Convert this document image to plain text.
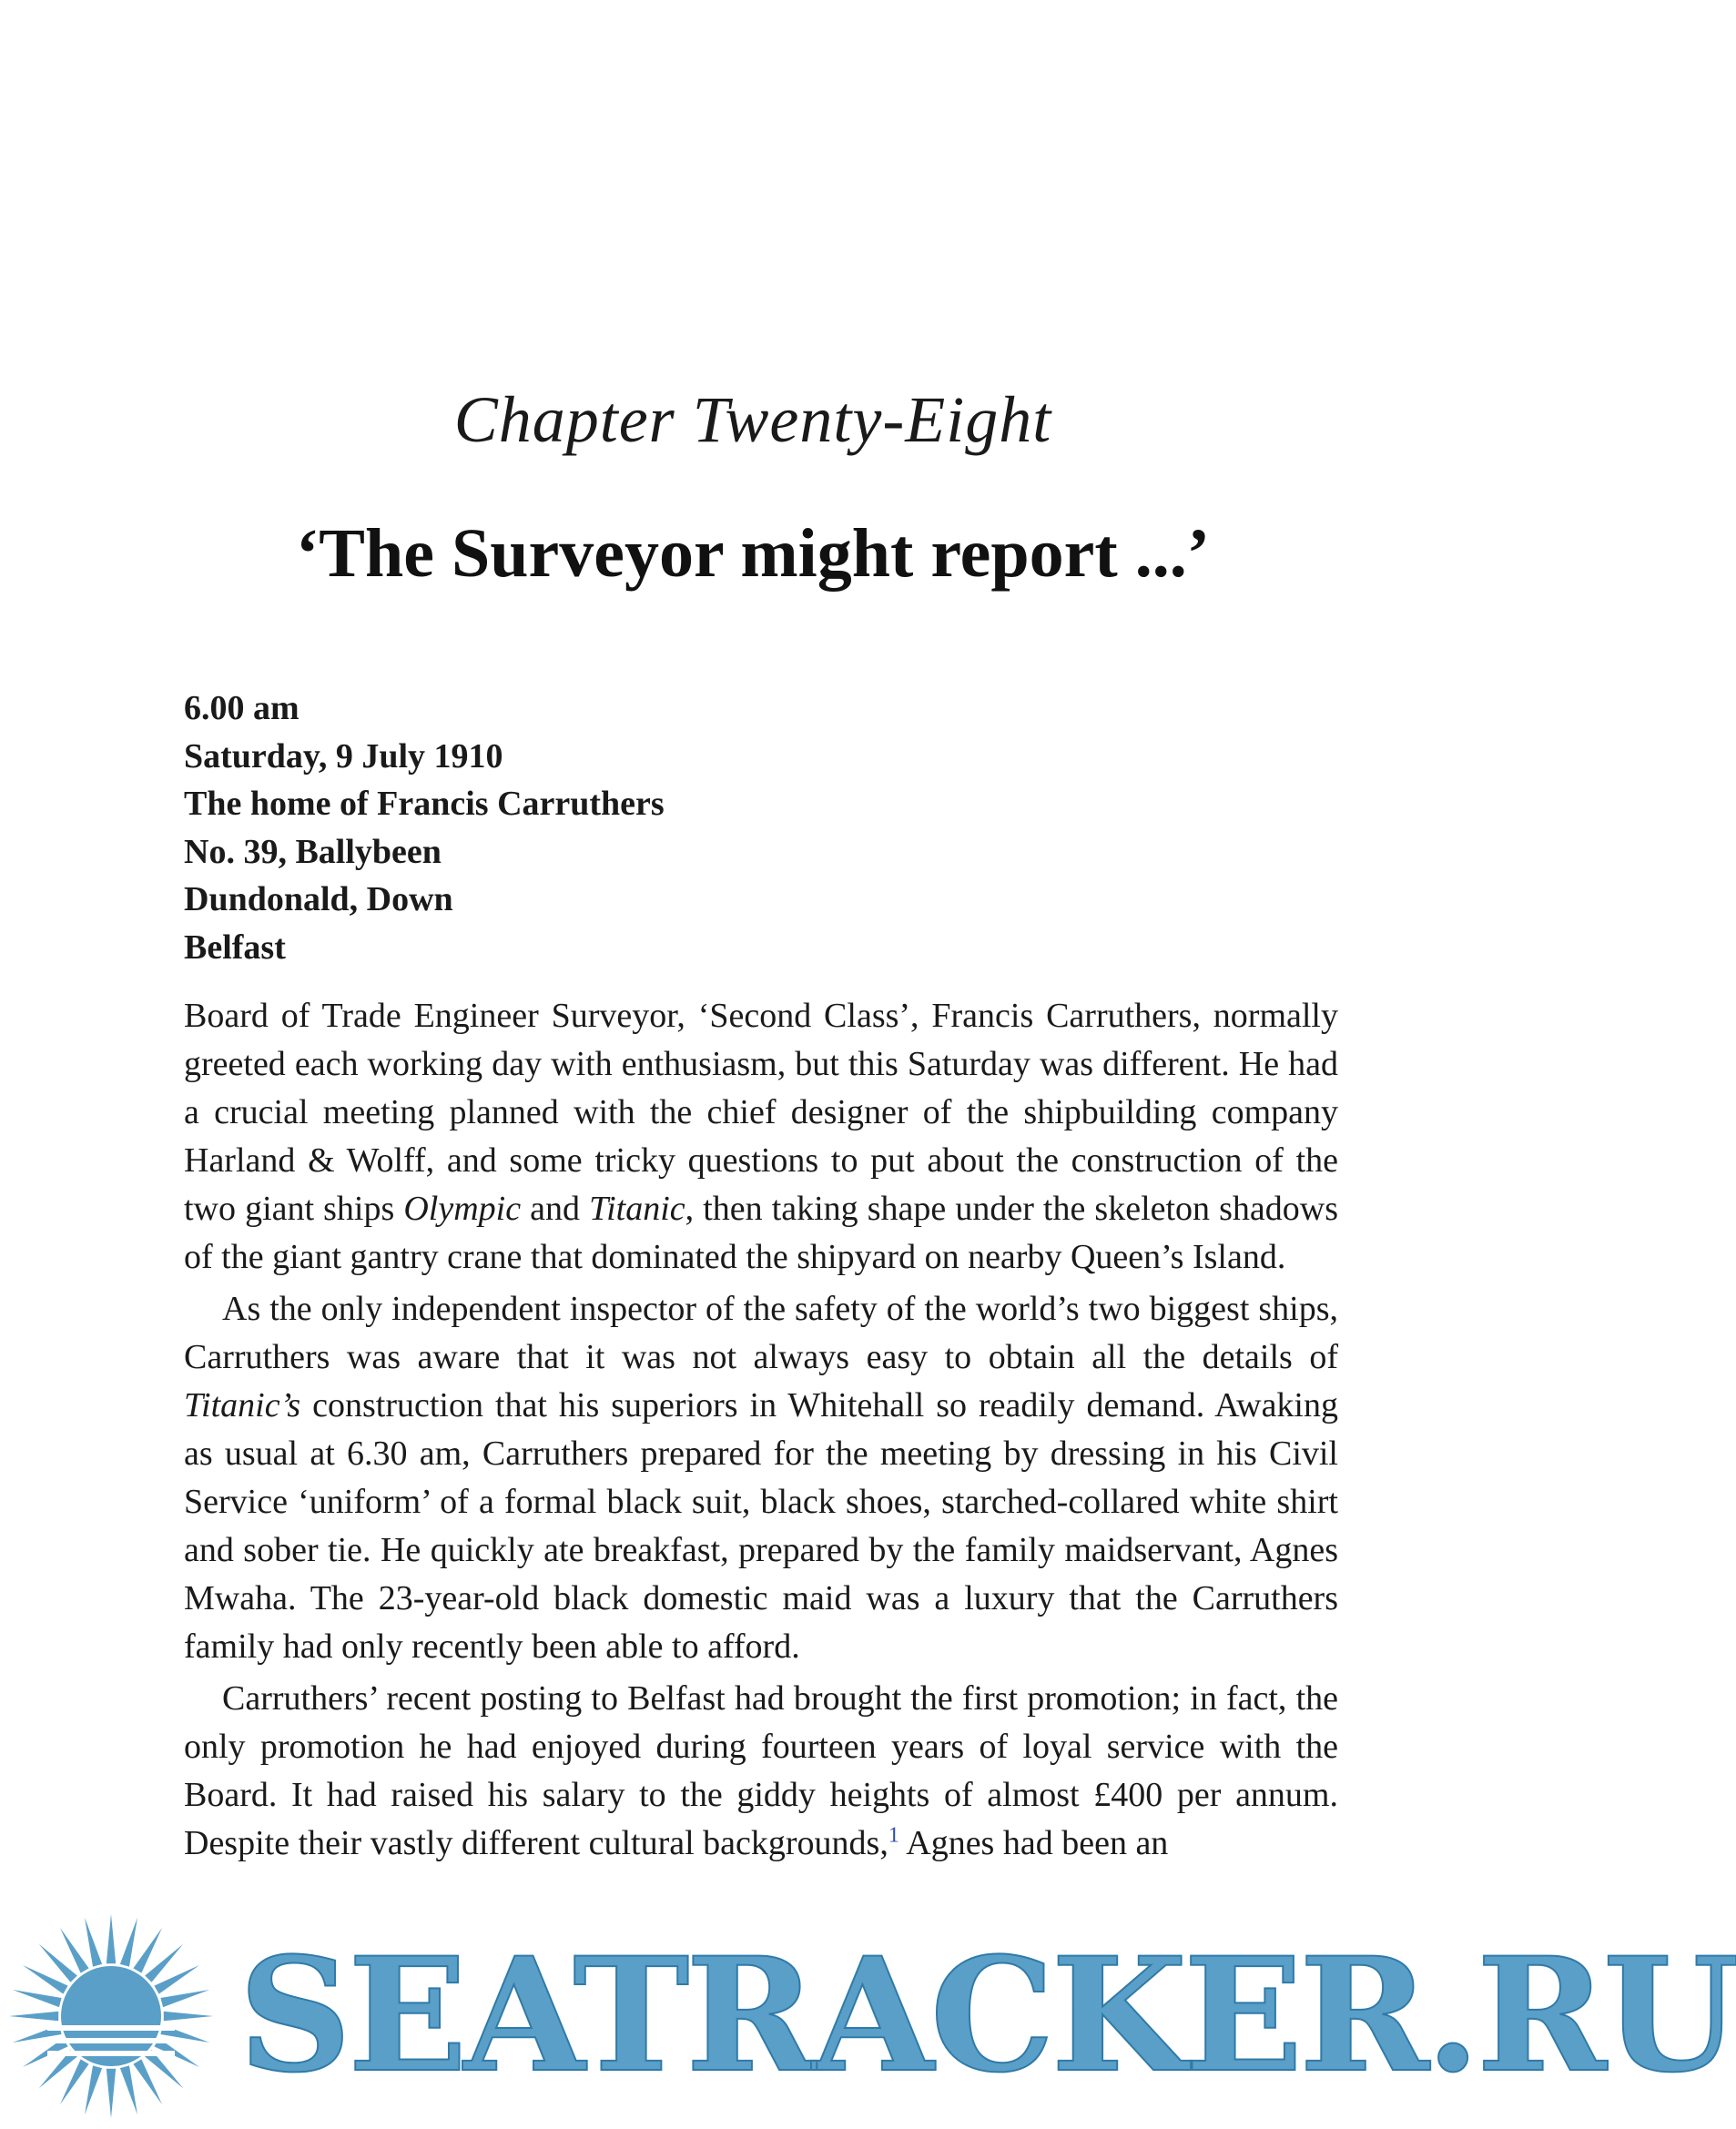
Chapter Twenty-Eight
‘The Surveyor might report ...’
6.00 am
Saturday, 9 July 1910
The home of Francis Carruthers
No. 39, Ballybeen
Dundonald, Down
Belfast

Board of Trade Engineer Surveyor, ‘Second Class’, Francis Carruthers, normally greeted each working day with enthusiasm, but this Saturday was different. He had a crucial meeting planned with the chief designer of the shipbuilding company Harland & Wolff, and some tricky questions to put about the construction of the two giant ships Olympic and Titanic, then taking shape under the skeleton shadows of the giant gantry crane that dominated the shipyard on nearby Queen’s Island.

As the only independent inspector of the safety of the world’s two biggest ships, Carruthers was aware that it was not always easy to obtain all the details of Titanic’s construction that his superiors in Whitehall so readily demand. Awaking as usual at 6.30 am, Carruthers prepared for the meeting by dressing in his Civil Service ‘uniform’ of a formal black suit, black shoes, starched-collared white shirt and sober tie. He quickly ate breakfast, prepared by the family maidservant, Agnes Mwaha. The 23-year-old black domestic maid was a luxury that the Carruthers family had only recently been able to afford.

Carruthers’ recent posting to Belfast had brought the first promotion; in fact, the only promotion he had enjoyed during fourteen years of loyal service with the Board. It had raised his salary to the giddy heights of almost £400 per annum. Despite their vastly different cultural backgrounds,$^1$ Agnes had been an

SEATRACKER.RU
